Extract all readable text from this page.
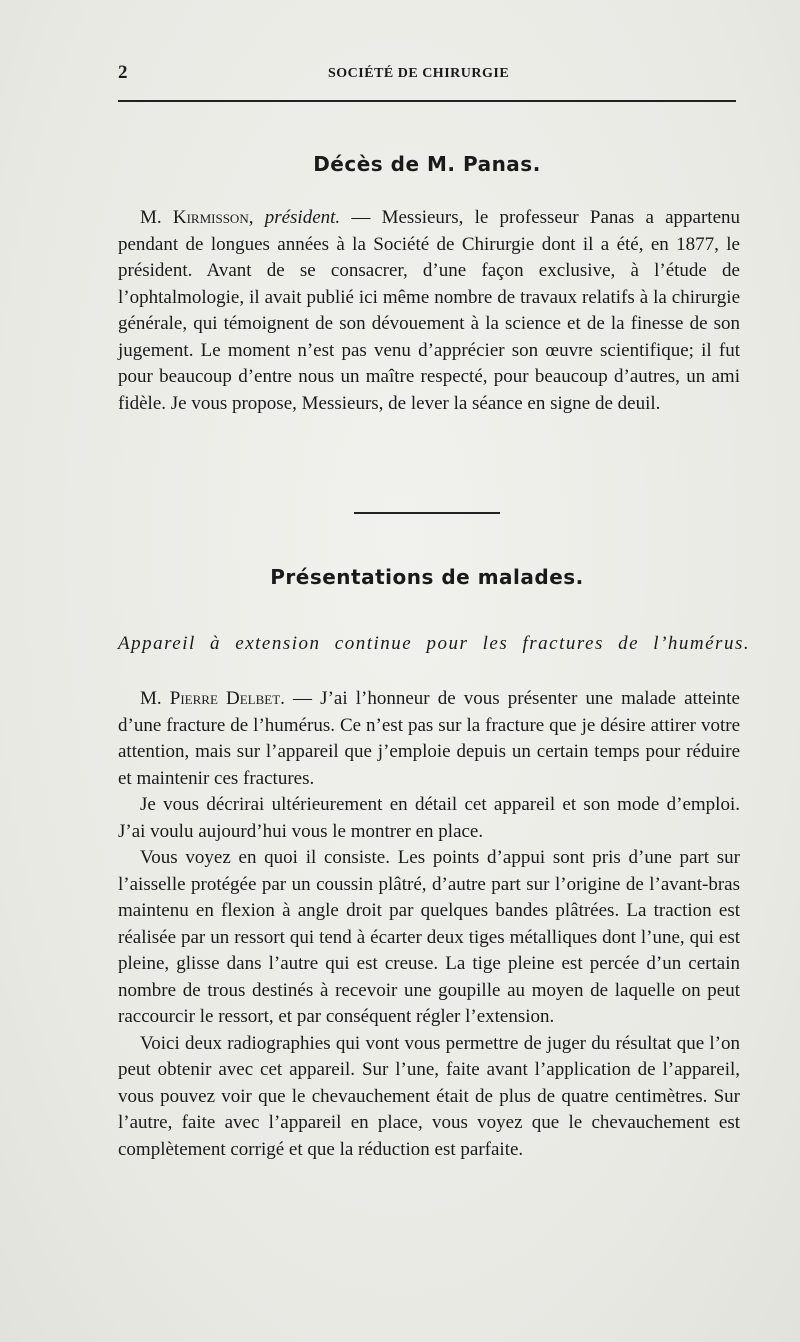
2	SOCIÉTÉ DE CHIRURGIE
Décès de M. Panas.

M. Kirmisson, président. — Messieurs, le professeur Panas a appartenu pendant de longues années à la Société de Chirurgie dont il a été, en 1877, le président. Avant de se consacrer, d’une façon exclusive, à l’étude de l’ophtalmologie, il avait publié ici même nombre de travaux relatifs à la chirurgie générale, qui témoignent de son dévouement à la science et de la finesse de son jugement. Le moment n’est pas venu d’apprécier son œuvre scientifique; il fut pour beaucoup d’entre nous un maître respecté, pour beaucoup d’autres, un ami fidèle. Je vous propose, Messieurs, de lever la séance en signe de deuil.

Présentations de malades.
Appareil à extension continue pour les fractures de l’humérus.

M. Pierre Delbet. — J’ai l’honneur de vous présenter une malade atteinte d’une fracture de l’humérus. Ce n’est pas sur la fracture que je désire attirer votre attention, mais sur l’appareil que j’emploie depuis un certain temps pour réduire et maintenir ces fractures.

Je vous décrirai ultérieurement en détail cet appareil et son mode d’emploi. J’ai voulu aujourd’hui vous le montrer en place.

Vous voyez en quoi il consiste. Les points d’appui sont pris d’une part sur l’aisselle protégée par un coussin plâtré, d’autre part sur l’origine de l’avant-bras maintenu en flexion à angle droit par quelques bandes plâtrées. La traction est réalisée par un ressort qui tend à écarter deux tiges métalliques dont l’une, qui est pleine, glisse dans l’autre qui est creuse. La tige pleine est percée d’un certain nombre de trous destinés à recevoir une goupille au moyen de laquelle on peut raccourcir le ressort, et par conséquent régler l’extension.

Voici deux radiographies qui vont vous permettre de juger du résultat que l’on peut obtenir avec cet appareil. Sur l’une, faite avant l’application de l’appareil, vous pouvez voir que le chevauchement était de plus de quatre centimètres. Sur l’autre, faite avec l’appareil en place, vous voyez que le chevauchement est complètement corrigé et que la réduction est parfaite.
